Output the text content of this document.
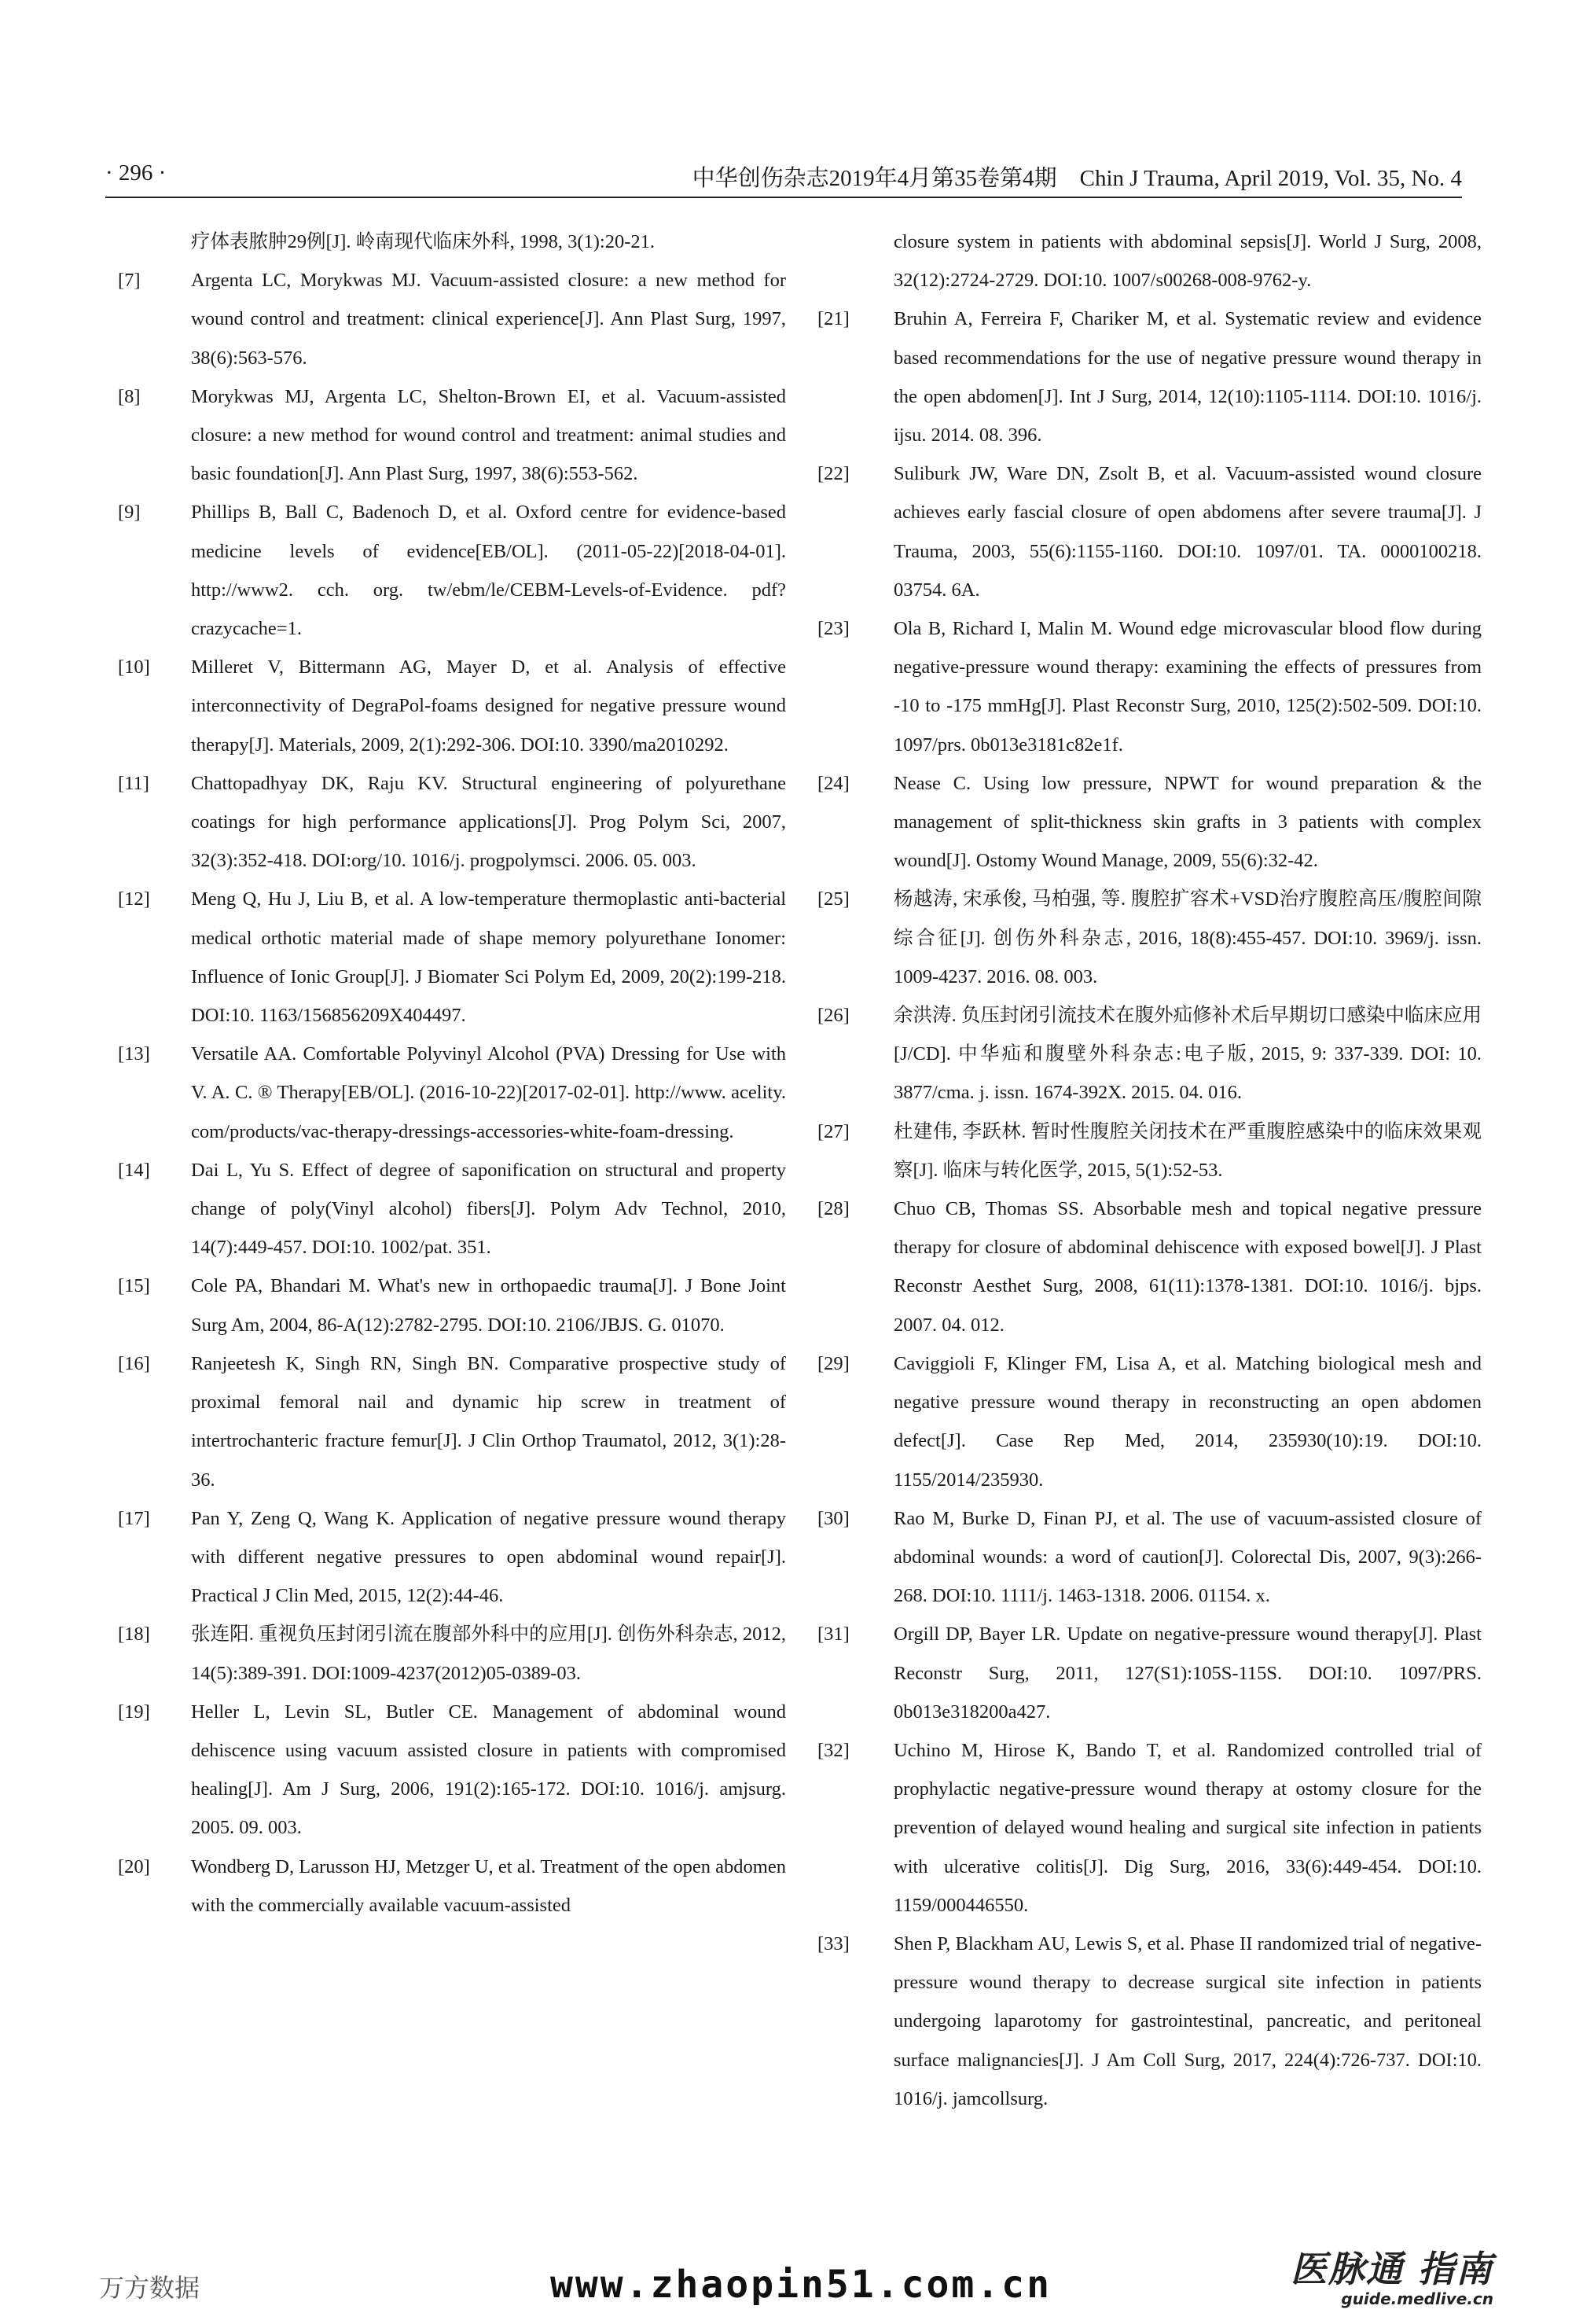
· 296 ·	中华创伤杂志2019年4月第35卷第4期　Chin J Trauma, April 2019, Vol. 35, No. 4
疗体表脓肿29例[J]. 岭南现代临床外科, 1998, 3(1):20-21.
[7]	Argenta LC, Morykwas MJ. Vacuum-assisted closure: a new method for wound control and treatment: clinical experience[J]. Ann Plast Surg, 1997, 38(6):563-576.
[8]	Morykwas MJ, Argenta LC, Shelton-Brown EI, et al. Vacuum-assisted closure: a new method for wound control and treatment: animal studies and basic foundation[J]. Ann Plast Surg, 1997, 38(6):553-562.
[9]	Phillips B, Ball C, Badenoch D, et al. Oxford centre for evidence-based medicine levels of evidence[EB/OL]. (2011-05-22)[2018-04-01]. http://www2. cch. org. tw/ebm/le/CEBM-Levels-of-Evidence. pdf? crazycache=1.
[10] Milleret V, Bittermann AG, Mayer D, et al. Analysis of effective interconnectivity of DegraPol-foams designed for negative pressure wound therapy[J]. Materials, 2009, 2(1):292-306. DOI:10. 3390/ma2010292.
[11] Chattopadhyay DK, Raju KV. Structural engineering of polyurethane coatings for high performance applications[J]. Prog Polym Sci, 2007, 32(3):352-418. DOI:org/10. 1016/j. progpolymsci. 2006. 05. 003.
[12] Meng Q, Hu J, Liu B, et al. A low-temperature thermoplastic anti-bacterial medical orthotic material made of shape memory polyurethane Ionomer: Influence of Ionic Group[J]. J Biomater Sci Polym Ed, 2009, 20(2):199-218. DOI:10. 1163/156856209X404497.
[13] Versatile AA. Comfortable Polyvinyl Alcohol (PVA) Dressing for Use with V. A. C. ® Therapy[EB/OL]. (2016-10-22)[2017-02-01]. http://www. acelity. com/products/vac-therapy-dressings-accessories-white-foam-dressing.
[14] Dai L, Yu S. Effect of degree of saponification on structural and property change of poly(Vinyl alcohol) fibers[J]. Polym Adv Technol, 2010, 14(7):449-457. DOI:10. 1002/pat. 351.
[15] Cole PA, Bhandari M. What's new in orthopaedic trauma[J]. J Bone Joint Surg Am, 2004, 86-A(12):2782-2795. DOI:10. 2106/JBJS. G. 01070.
[16] Ranjeetesh K, Singh RN, Singh BN. Comparative prospective study of proximal femoral nail and dynamic hip screw in treatment of intertrochanteric fracture femur[J]. J Clin Orthop Traumatol, 2012, 3(1):28-36.
[17] Pan Y, Zeng Q, Wang K. Application of negative pressure wound therapy with different negative pressures to open abdominal wound repair[J]. Practical J Clin Med, 2015, 12(2):44-46.
[18] 张连阳. 重视负压封闭引流在腹部外科中的应用[J]. 创伤外科杂志, 2012, 14(5):389-391. DOI:1009-4237(2012)05-0389-03.
[19] Heller L, Levin SL, Butler CE. Management of abdominal wound dehiscence using vacuum assisted closure in patients with compromised healing[J]. Am J Surg, 2006, 191(2):165-172. DOI:10. 1016/j. amjsurg. 2005. 09. 003.
[20] Wondberg D, Larusson HJ, Metzger U, et al. Treatment of the open abdomen with the commercially available vacuum-assisted
closure system in patients with abdominal sepsis[J]. World J Surg, 2008, 32(12):2724-2729. DOI:10. 1007/s00268-008-9762-y.
[21] Bruhin A, Ferreira F, Chariker M, et al. Systematic review and evidence based recommendations for the use of negative pressure wound therapy in the open abdomen[J]. Int J Surg, 2014, 12(10):1105-1114. DOI:10. 1016/j. ijsu. 2014. 08. 396.
[22] Suliburk JW, Ware DN, Zsolt B, et al. Vacuum-assisted wound closure achieves early fascial closure of open abdomens after severe trauma[J]. J Trauma, 2003, 55(6):1155-1160. DOI:10. 1097/01. TA. 0000100218. 03754. 6A.
[23] Ola B, Richard I, Malin M. Wound edge microvascular blood flow during negative-pressure wound therapy: examining the effects of pressures from -10 to -175 mmHg[J]. Plast Reconstr Surg, 2010, 125(2):502-509. DOI:10. 1097/prs. 0b013e3181c82e1f.
[24] Nease C. Using low pressure, NPWT for wound preparation & the management of split-thickness skin grafts in 3 patients with complex wound[J]. Ostomy Wound Manage, 2009, 55(6):32-42.
[25] 杨越涛, 宋承俊, 马柏强, 等. 腹腔扩容术+VSD治疗腹腔高压/腹腔间隙综合征[J]. 创伤外科杂志, 2016, 18(8):455-457. DOI:10. 3969/j. issn. 1009-4237. 2016. 08. 003.
[26] 余洪涛. 负压封闭引流技术在腹外疝修补术后早期切口感染中临床应用[J/CD]. 中华疝和腹壁外科杂志:电子版, 2015, 9: 337-339. DOI: 10. 3877/cma. j. issn. 1674-392X. 2015. 04. 016.
[27] 杜建伟, 李跃林. 暂时性腹腔关闭技术在严重腹腔感染中的临床效果观察[J]. 临床与转化医学, 2015, 5(1):52-53.
[28] Chuo CB, Thomas SS. Absorbable mesh and topical negative pressure therapy for closure of abdominal dehiscence with exposed bowel[J]. J Plast Reconstr Aesthet Surg, 2008, 61(11):1378-1381. DOI:10. 1016/j. bjps. 2007. 04. 012.
[29] Caviggioli F, Klinger FM, Lisa A, et al. Matching biological mesh and negative pressure wound therapy in reconstructing an open abdomen defect[J]. Case Rep Med, 2014, 235930(10):19. DOI:10. 1155/2014/235930.
[30] Rao M, Burke D, Finan PJ, et al. The use of vacuum-assisted closure of abdominal wounds: a word of caution[J]. Colorectal Dis, 2007, 9(3):266-268. DOI:10. 1111/j. 1463-1318. 2006. 01154. x.
[31] Orgill DP, Bayer LR. Update on negative-pressure wound therapy[J]. Plast Reconstr Surg, 2011, 127(S1):105S-115S. DOI:10. 1097/PRS. 0b013e318200a427.
[32] Uchino M, Hirose K, Bando T, et al. Randomized controlled trial of prophylactic negative-pressure wound therapy at ostomy closure for the prevention of delayed wound healing and surgical site infection in patients with ulcerative colitis[J]. Dig Surg, 2016, 33(6):449-454. DOI:10. 1159/000446550.
[33] Shen P, Blackham AU, Lewis S, et al. Phase II randomized trial of negative-pressure wound therapy to decrease surgical site infection in patients undergoing laparotomy for gastrointestinal, pancreatic, and peritoneal surface malignancies[J]. J Am Coll Surg, 2017, 224(4):726-737. DOI:10. 1016/j. jamcollsurg.
万方数据	www.zhaopin51.com.cn	医脉通 指南
guide.medlive.cn
